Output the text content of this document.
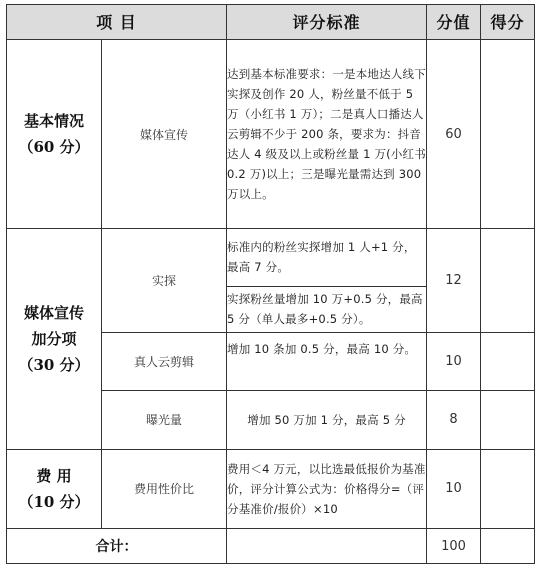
项 目		评分标准	分值	得分

基本情况
（60 分）	媒体宣传	达到基本标准要求：一是本地达人线下实探及创作 20 人，粉丝量不低于 5 万（小红书 1 万）；二是真人口播达人云剪辑不少于 200 条，要求为：抖音达人 4 级及以上或粉丝量 1 万(小红书 0.2 万)以上；三是曝光量需达到 300 万以上。	60	

媒体宣传
加分项
（30 分）	实探	标准内的粉丝实探增加 1 人+1 分，最高 7 分。	12	
		实探粉丝量增加 10 万+0.5 分，最高 5 分（单人最多+0.5 分）。		
	真人云剪辑	增加 10 条加 0.5 分，最高 10 分。	10	
	曝光量	增加 50 万加 1 分，最高 5 分	8	

费 用
（10 分）	费用性价比	费用＜4 万元，以比选最低报价为基准价，评分计算公式为：价格得分=（评分基准价/报价）×10	10	
合计：			100	
